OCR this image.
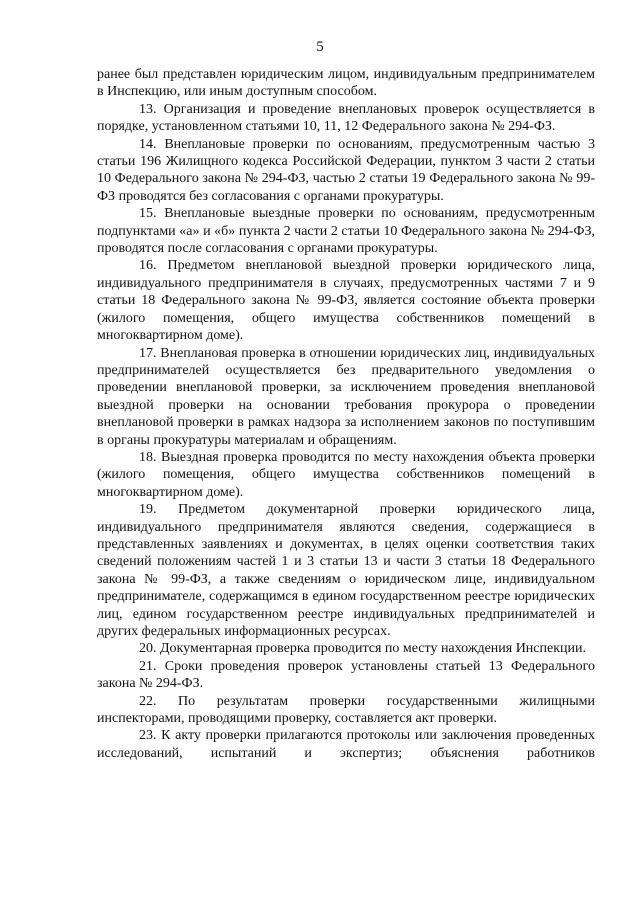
5

ранее был представлен юридическим лицом, индивидуальным предпринимателем в Инспекцию, или иным доступным способом.

13. Организация и проведение внеплановых проверок осуществляется в порядке, установленном статьями 10, 11, 12 Федерального закона № 294-ФЗ.

14. Внеплановые проверки по основаниям, предусмотренным частью 3 статьи 196 Жилищного кодекса Российской Федерации, пунктом 3 части 2 статьи 10 Федерального закона № 294-ФЗ, частью 2 статьи 19 Федерального закона № 99-ФЗ проводятся без согласования с органами прокуратуры.

15. Внеплановые выездные проверки по основаниям, предусмотренным подпунктами «а» и «б» пункта 2 части 2 статьи 10 Федерального закона № 294-ФЗ, проводятся после согласования с органами прокуратуры.

16. Предметом внеплановой выездной проверки юридического лица, индивидуального предпринимателя в случаях, предусмотренных частями 7 и 9 статьи 18 Федерального закона № 99-ФЗ, является состояние объекта проверки (жилого помещения, общего имущества собственников помещений в многоквартирном доме).

17. Внеплановая проверка в отношении юридических лиц, индивидуальных предпринимателей осуществляется без предварительного уведомления о проведении внеплановой проверки, за исключением проведения внеплановой выездной проверки на основании требования прокурора о проведении внеплановой проверки в рамках надзора за исполнением законов по поступившим в органы прокуратуры материалам и обращениям.

18. Выездная проверка проводится по месту нахождения объекта проверки (жилого помещения, общего имущества собственников помещений в многоквартирном доме).

19. Предметом документарной проверки юридического лица, индивидуального предпринимателя являются сведения, содержащиеся в представленных заявлениях и документах, в целях оценки соответствия таких сведений положениям частей 1 и 3 статьи 13 и части 3 статьи 18 Федерального закона № 99-ФЗ, а также сведениям о юридическом лице, индивидуальном предпринимателе, содержащимся в едином государственном реестре юридических лиц, едином государственном реестре индивидуальных предпринимателей и других федеральных информационных ресурсах.

20. Документарная проверка проводится по месту нахождения Инспекции.

21. Сроки проведения проверок установлены статьей 13 Федерального закона № 294-ФЗ.

22. По результатам проверки государственными жилищными инспекторами, проводящими проверку, составляется акт проверки.

23. К акту проверки прилагаются протоколы или заключения проведенных исследований, испытаний и экспертиз; объяснения работников
